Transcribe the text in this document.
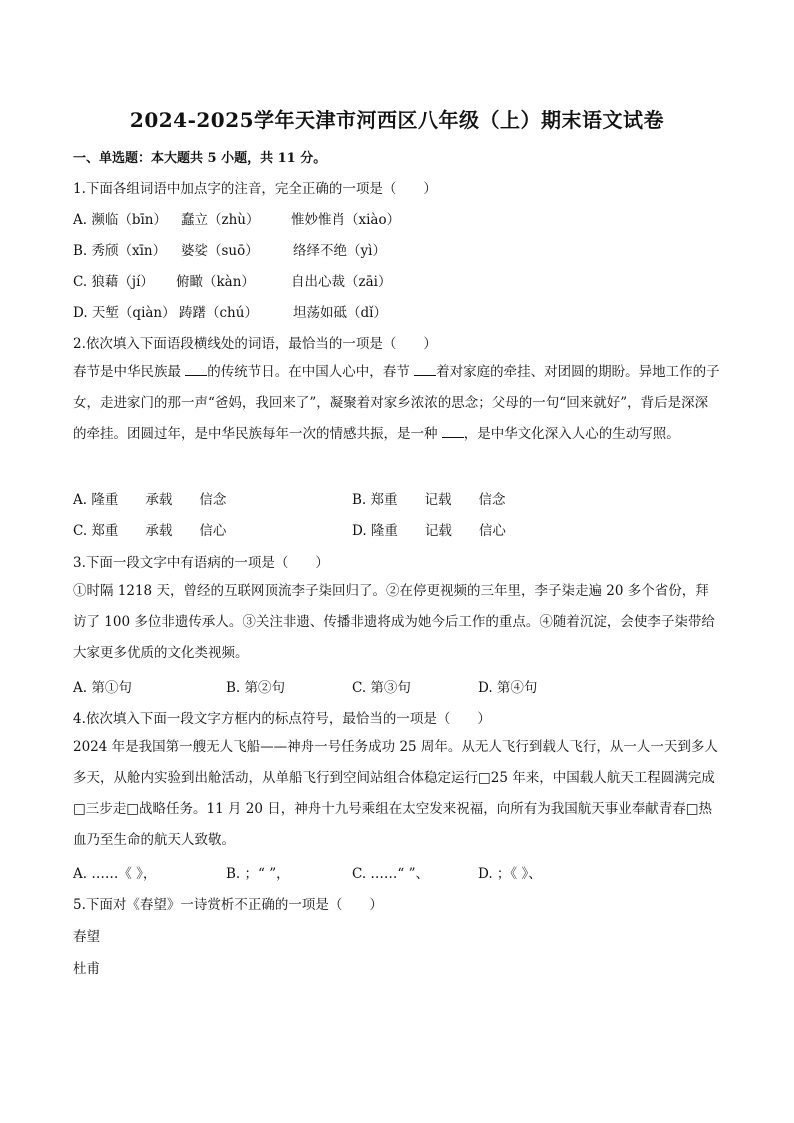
2024-2025学年天津市河西区八年级（上）期末语文试卷
一、单选题：本大题共 5 小题，共 11 分。
1.下面各组词语中加点字的注音，完全正确的一项是（　　）
A. 濒临（bīn） 蠢立（zhù） 惟妙惟肖（xiào）
B. 秀颀（xīn） 婆娑（suō）	络绎不绝（yì）
C. 狼藉（jí） 俯瞰（kàn）	自出心裁（zāi）
D. 天堑（qiàn） 踌躇（chú）	坦荡如砥（dǐ）
2.依次填入下面语段横线处的词语，最恰当的一项是（　　）
春节是中华民族最 的传统节日。在中国人心中，春节 着对家庭的牵挂、对团圆的期盼。异地工作的子女，走进家门的那一声“爸妈，我回来了”，凝聚着对家乡浓浓的思念；父母的一句“回来就好”，背后是深深的牵挂。团圆过年，是中华民族每年一次的情感共振，是一种 ，是中华文化深入人心的生动写照。
A. 隆重　　承载　　信念	B. 郑重　　记载　　信念
C. 郑重　　承载　　信心	D. 隆重　　记载　　信心
3.下面一段文字中有语病的一项是（　　）
①时隔 1218 天，曾经的互联网顶流李子柒回归了。②在停更视频的三年里，李子柒走遍 20 多个省份，拜访了 100 多位非遗传承人。③关注非遗、传播非遗将成为她今后工作的重点。④随着沉淀，会使李子柒带给大家更多优质的文化类视频。
A. 第①句	B. 第②句	C. 第③句	D. 第④句
4.依次填入下面一段文字方框内的标点符号，最恰当的一项是（　　）
2024 年是我国第一艘无人飞船——神舟一号任务成功 25 周年。从无人飞行到载人飞行，从一人一天到多人多天，从舱内实验到出舱活动，从单船飞行到空间站组合体稳定运行□25 年来，中国载人航天工程圆满完成□三步走□战略任务。11 月 20 日，神舟十九号乘组在太空发来祝福，向所有为我国航天事业奉献青春□热血乃至生命的航天人致敬。
A. ……《 》，	B. ；“ ”，	C. ……“ ”、	D. ；《 》、
5.下面对《春望》一诗赏析不正确的一项是（　　）
春望
杜甫
